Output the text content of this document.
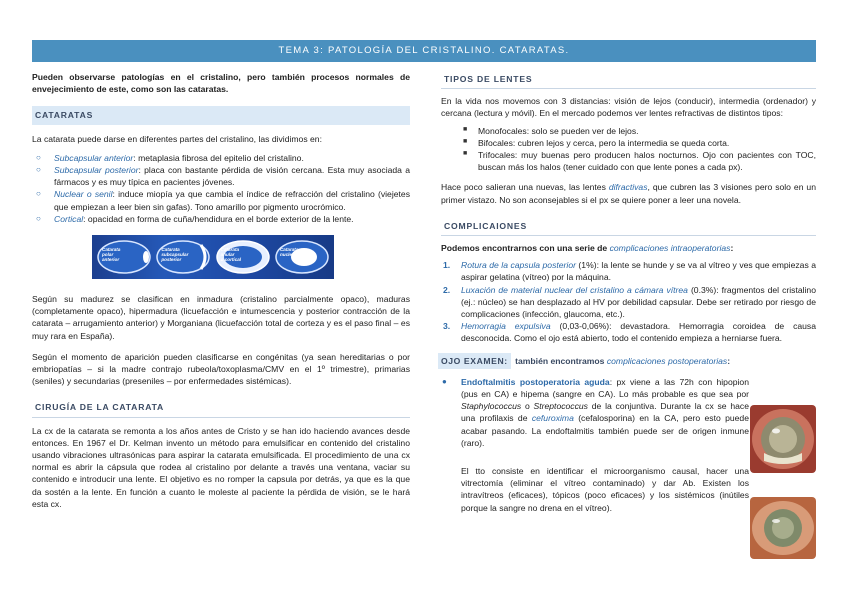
TEMA 3: PATOLOGÍA DEL CRISTALINO. CATARATAS.

Pueden observarse patologías en el cristalino, pero también procesos normales de envejecimiento de este, como son las cataratas.

CATARATAS

La catarata puede darse en diferentes partes del cristalino, las dividimos en:

○ Subcapsular anterior: metaplasia fibrosa del epitelio del cristalino.
○ Subcapsular posterior: placa con bastante pérdida de visión cercana. Esta muy asociada a fármacos y es muy típica en pacientes jóvenes.
○ Nuclear o senil: induce miopía ya que cambia el índice de refracción del cristalino (viejetes que empiezan a leer bien sin gafas). Tono amarillo por pigmento urocrómico.
○ Cortical: opacidad en forma de cuña/hendidura en el borde exterior de la lente.
Catarata
polar
anterior
Catarata
subcapsular
posterior
Catarata
anular
o cortical
Catarata
nuclear

Según su madurez se clasifican en inmadura (cristalino parcialmente opaco), maduras (completamente opaco), hipermadura (licuefacción e intumescencia y posterior contracción de la catarata – arrugamiento anterior) y Morganiana (licuefacción total de corteza y es el paso final – es muy rara en España).

Según el momento de aparición pueden clasificarse en congénitas (ya sean hereditarias o por embriopatías – si la madre contrajo rubeola/toxoplasma/CMV en el 1º trimestre), primarias (seniles) y secundarias (preseniles – por enfermedades sistémicas).

CIRUGÍA DE LA CATARATA

La cx de la catarata se remonta a los años antes de Cristo y se han ido haciendo avances desde entonces. En 1967 el Dr. Kelman invento un método para emulsificar en contenido del cristalino usando vibraciones ultrasónicas para aspirar la catarata emulsificada. El procedimiento de una cx normal es abrir la cápsula que rodea al cristalino por delante a través una ventana, vaciar su contenido e introducir una lente. El objetivo es no romper la capsula por detrás, ya que es la que da sostén a la lente. En función a cuanto le moleste al paciente la pérdida de visión, se le hará esta cx.

TIPOS DE LENTES

En la vida nos movemos con 3 distancias: visión de lejos (conducir), intermedia (ordenador) y cercana (lectura y móvil). En el mercado podemos ver lentes refractivas de distintos tipos:

■ Monofocales: solo se pueden ver de lejos.
■ Bifocales: cubren lejos y cerca, pero la intermedia se queda corta.
■ Trifocales: muy buenas pero producen halos nocturnos. Ojo con pacientes con TOC, buscan más los halos (tener cuidado con que lente pones a cada px).

Hace poco salieran una nuevas, las lentes difractivas, que cubren las 3 visiones pero solo en un primer vistazo. No son aconsejables si el px se quiere poner a leer una novela.

COMPLICAIONES

Podemos encontrarnos con una serie de complicaciones intraoperatorias:

1. Rotura de la capsula posterior (1%): la lente se hunde y se va al vítreo y ves que empiezas a aspirar gelatina (vítreo) por la máquina.
2. Luxación de material nuclear del cristalino a cámara vítrea (0.3%): fragmentos del cristalino (ej.: núcleo) se han desplazado al HV por debilidad capsular. Debe ser retirado por riesgo de complicaciones (infección, glaucoma, etc.).
3. Hemorragia expulsiva (0,03-0,06%): devastadora. Hemorragia coroidea de causa desconocida. Como el ojo está abierto, todo el contenido empieza a herniarse fuera.

OJO EXAMEN: también encontramos complicaciones postoperatorias:

●	Endoftalmitis postoperatoria aguda: px viene a las 72h con hipopion (pus en CA) e hipema (sangre en CA). Lo más probable es que sea por Staphylococcus o Streptococcus de la conjuntiva. Durante la cx se hace una profilaxis de cefuroxima (cefalosporina) en la CA, pero esto puede acabar pasando. La endoftalmitis también puede ser de origen inmune (raro).

El tto consiste en identificar el microorganismo causal, hacer una vitrectomía (eliminar el vítreo contaminado) y dar Ab. Existen los intravítreos (eficaces), tópicos (poco eficaces) y los sistémicos (inútiles porque la sangre no drena en el vítreo).
